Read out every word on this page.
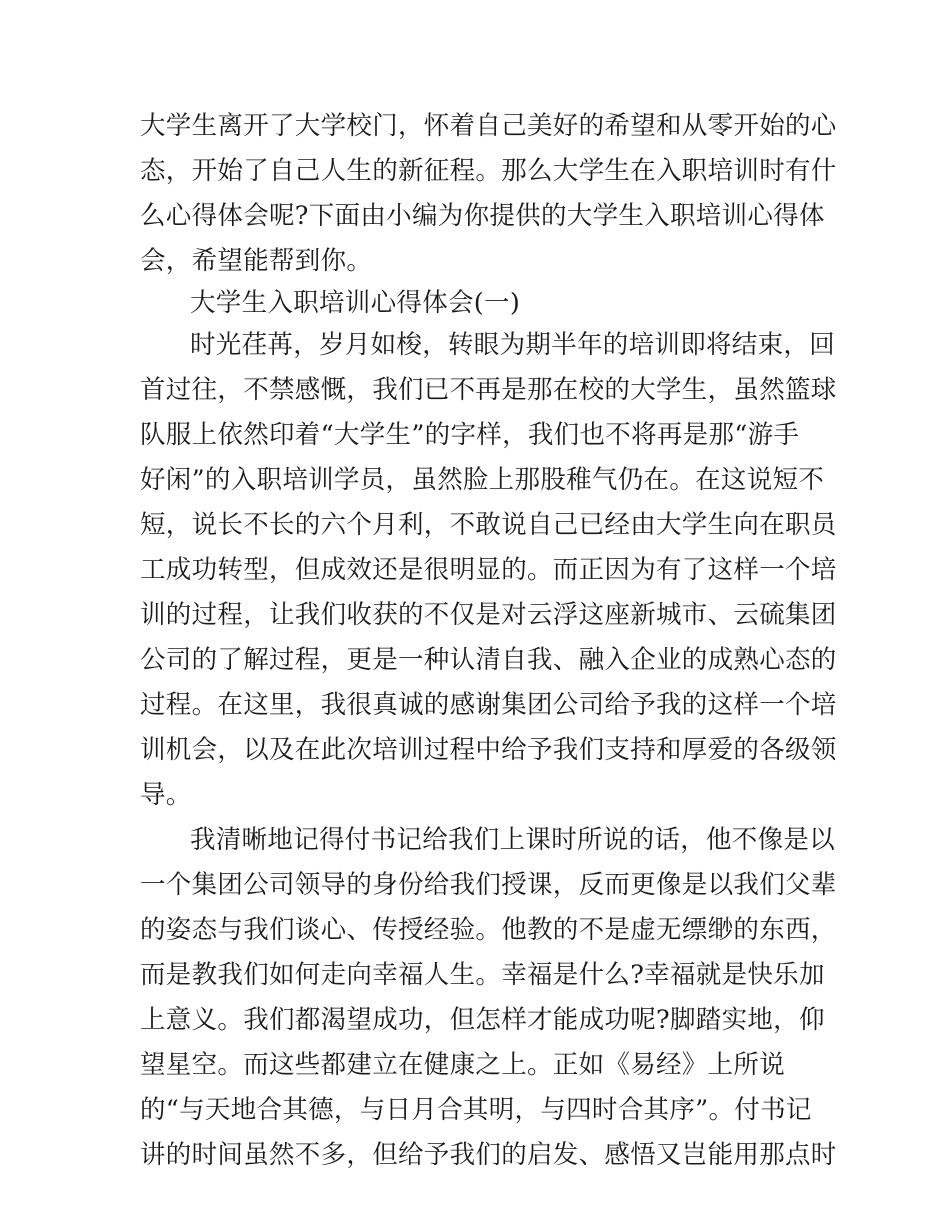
大学生离开了大学校门，怀着自己美好的希望和从零开始的心

态，开始了自己人生的新征程。那么大学生在入职培训时有什

么心得体会呢?下面由小编为你提供的大学生入职培训心得体

会，希望能帮到你。

大学生入职培训心得体会(一)

时光荏苒，岁月如梭，转眼为期半年的培训即将结束，回

首过往，不禁感慨，我们已不再是那在校的大学生，虽然篮球

队服上依然印着“大学生”的字样，我们也不将再是那“游手

好闲”的入职培训学员，虽然脸上那股稚气仍在。在这说短不

短，说长不长的六个月利，不敢说自己已经由大学生向在职员

工成功转型，但成效还是很明显的。而正因为有了这样一个培

训的过程，让我们收获的不仅是对云浮这座新城市、云硫集团

公司的了解过程，更是一种认清自我、融入企业的成熟心态的

过程。在这里，我很真诚的感谢集团公司给予我的这样一个培

训机会，以及在此次培训过程中给予我们支持和厚爱的各级领

导。

我清晰地记得付书记给我们上课时所说的话，他不像是以

一个集团公司领导的身份给我们授课，反而更像是以我们父辈

的姿态与我们谈心、传授经验。他教的不是虚无缥缈的东西，

而是教我们如何走向幸福人生。幸福是什么?幸福就是快乐加

上意义。我们都渴望成功，但怎样才能成功呢?脚踏实地，仰

望星空。而这些都建立在健康之上。正如《易经》上所说

的“与天地合其德，与日月合其明，与四时合其序”。付书记

讲的时间虽然不多，但给予我们的启发、感悟又岂能用那点时
